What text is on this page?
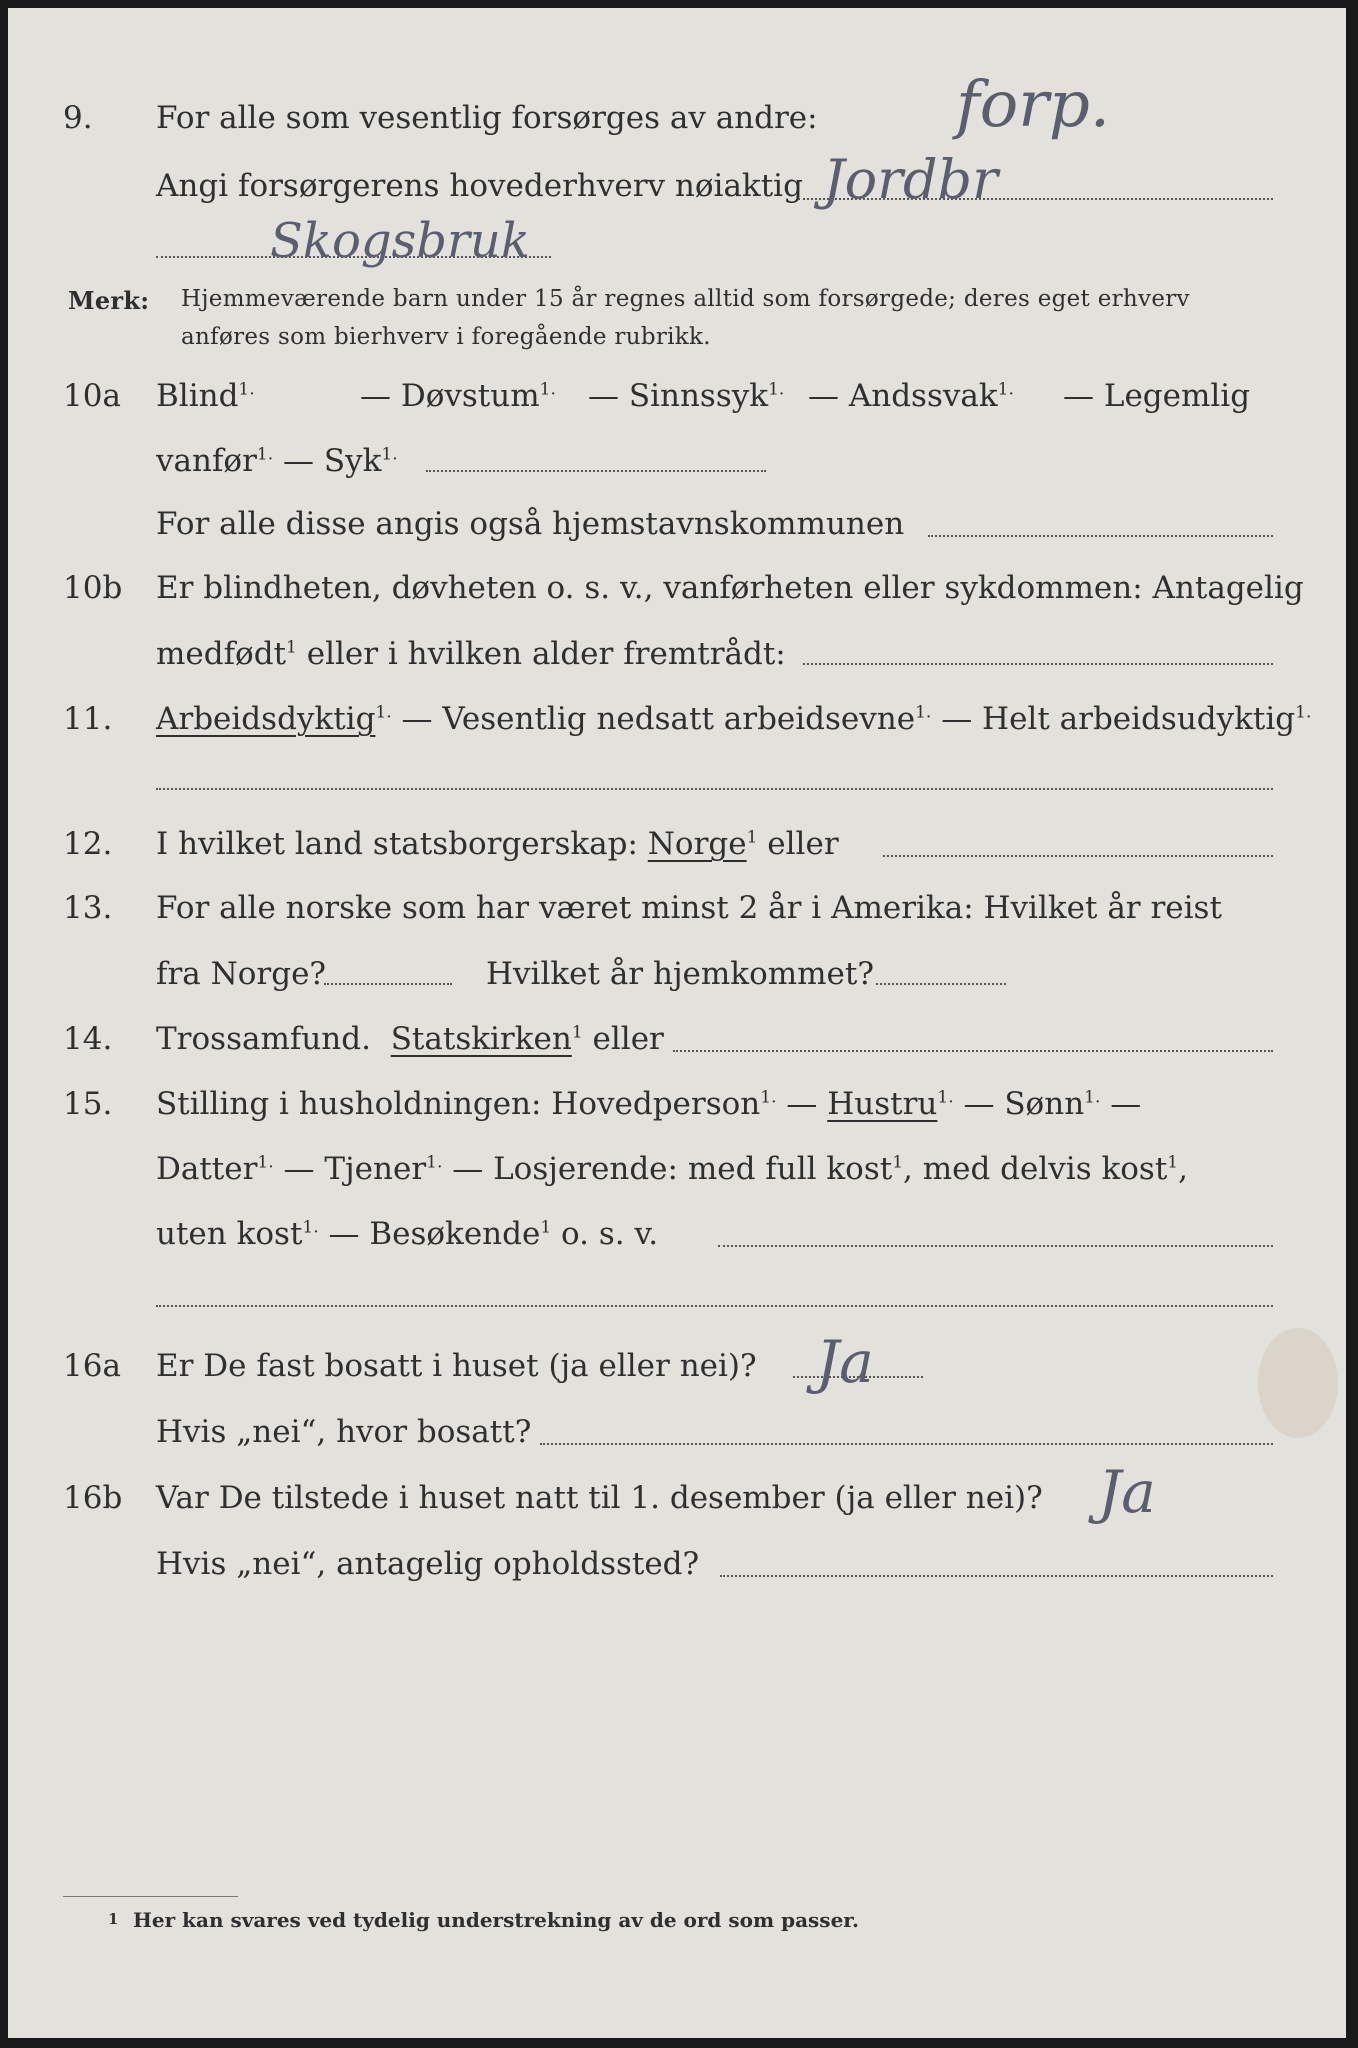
9. For alle som vesentlig forsørges av andre: forp.
Angi forsørgerens hovederhverv nøiaktig Jordbr
Skogsbruk
Merk: Hjemmeværende barn under 15 år regnes alltid som forsørgede; deres eget erhverv
anføres som bierhverv i foregående rubrikk.
10a Blind$^{1.}$	— Døvstum$^{1.}$ — Sinnssyk$^{1.}$ — Andssvak$^{1.}$ — Legemlig
vanfør$^{1.}$ — Syk$^{1.}$
For alle disse angis også hjemstavnskommunen
10b Er blindheten, døvheten o. s. v., vanførheten eller sykdommen: Antagelig
medfødt$^1$ eller i hvilken alder fremtrådt:
11. Arbeidsdyktig$^{1.}$ — Vesentlig nedsatt arbeidsevne$^{1.}$ — Helt arbeidsudyktig$^{1.}$
12. I hvilket land statsborgerskap: Norge$^1$ eller
13. For alle norske som har været minst 2 år i Amerika: Hvilket år reist
fra Norge?	Hvilket år hjemkommet?
14. Trossamfund. Statskirken$^1$ eller
15. Stilling i husholdningen: Hovedperson$^{1.}$ — Hustru$^{1.}$ — Sønn$^{1.}$ —
Datter$^{1.}$ — Tjener$^{1.}$ — Losjerende: med full kost$^1$, med delvis kost$^1$,
uten kost$^{1.}$ — Besøkende$^1$ o. s. v.
16a Er De fast bosatt i huset (ja eller nei)? Ja
Hvis „nei“, hvor bosatt?
16b Var De tilstede i huset natt til 1. desember (ja eller nei)? Ja
Hvis „nei“, antagelig opholdssted?
1 Her kan svares ved tydelig understrekning av de ord som passer.
